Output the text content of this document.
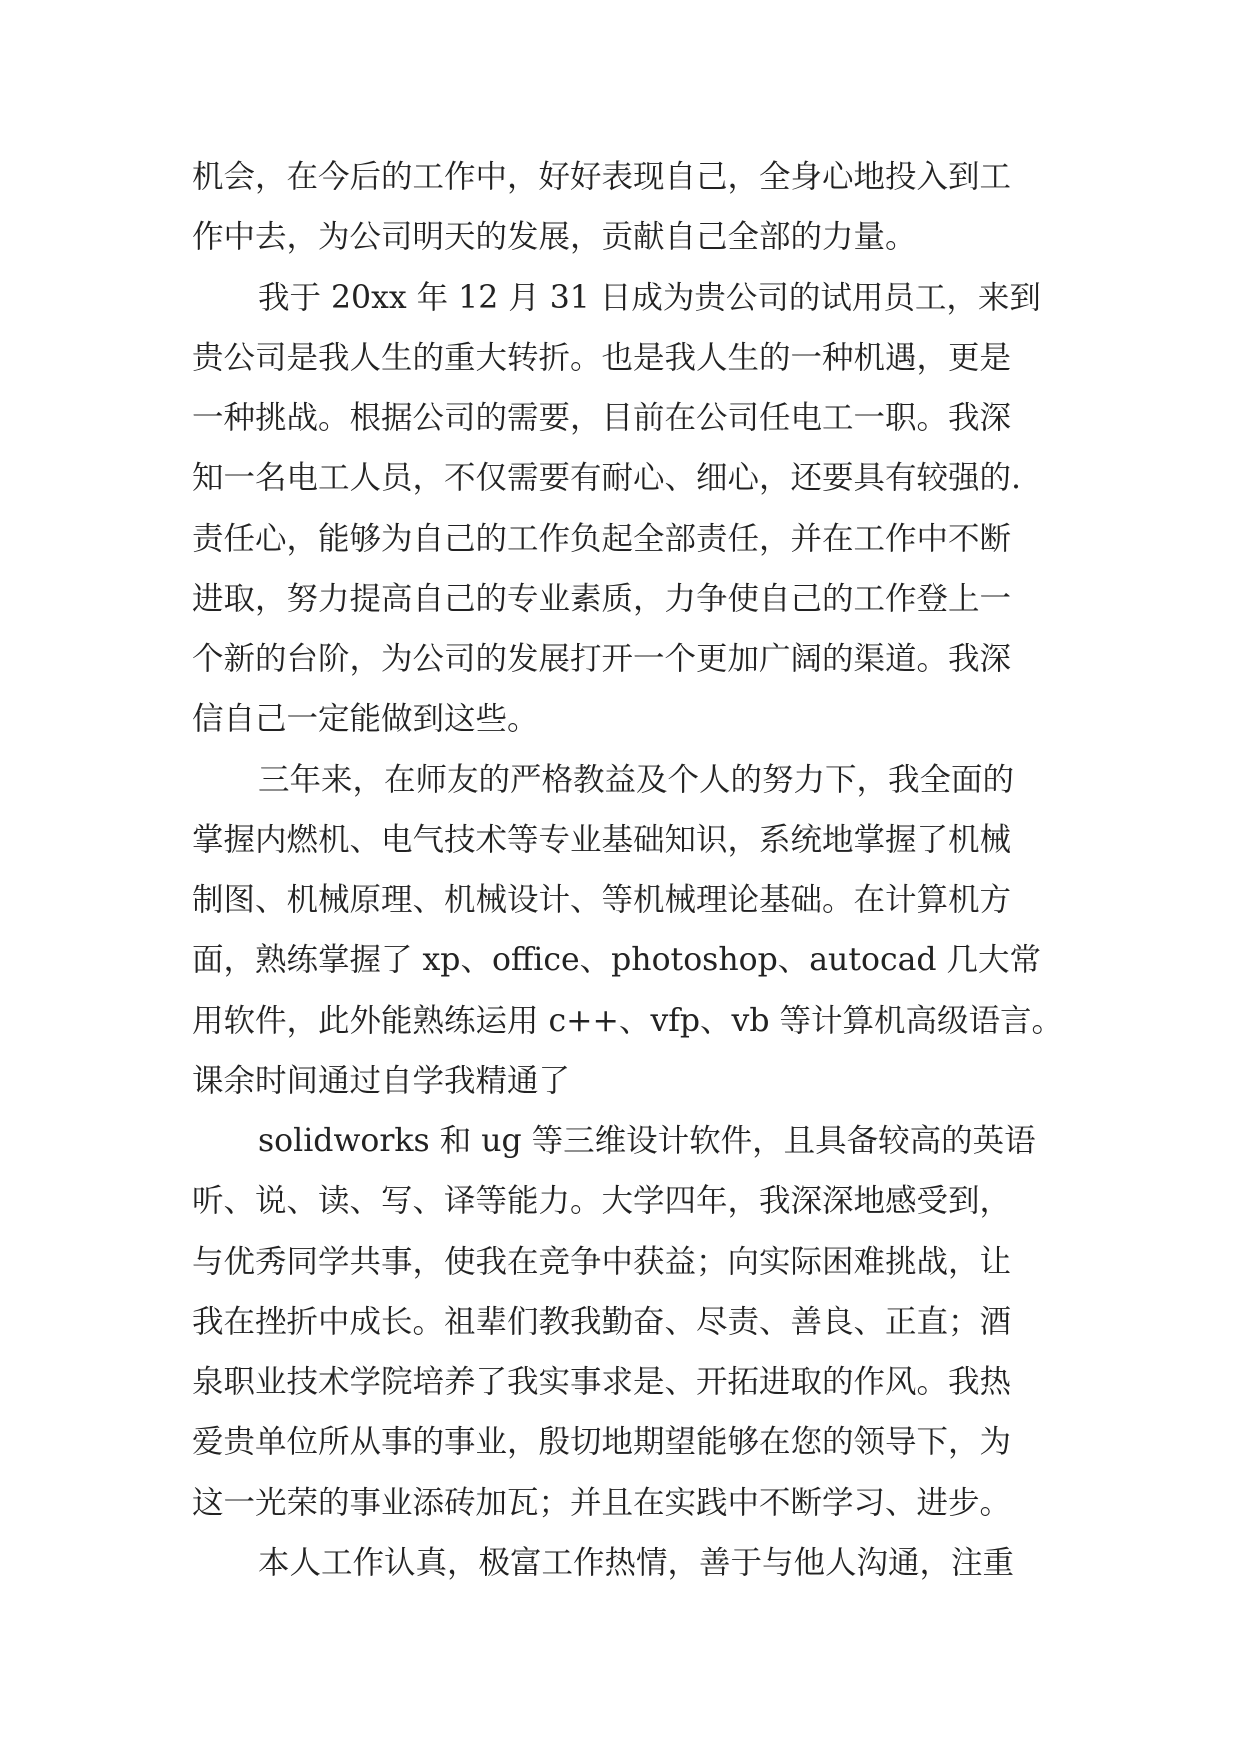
机会，在今后的工作中，好好表现自己，全身心地投入到工
作中去，为公司明天的发展，贡献自己全部的力量。
我于 20xx 年 12 月 31 日成为贵公司的试用员工，来到
贵公司是我人生的重大转折。也是我人生的一种机遇，更是
一种挑战。根据公司的需要，目前在公司任电工一职。我深
知一名电工人员，不仅需要有耐心、细心，还要具有较强的.
责任心，能够为自己的工作负起全部责任，并在工作中不断
进取，努力提高自己的专业素质，力争使自己的工作登上一
个新的台阶，为公司的发展打开一个更加广阔的渠道。我深
信自己一定能做到这些。
三年来，在师友的严格教益及个人的努力下，我全面的
掌握内燃机、电气技术等专业基础知识，系统地掌握了机械
制图、机械原理、机械设计、等机械理论基础。在计算机方
面，熟练掌握了 xp、office、photoshop、autocad 几大常
用软件，此外能熟练运用 c++、vfp、vb 等计算机高级语言。
课余时间通过自学我精通了
solidworks 和 ug 等三维设计软件，且具备较高的英语
听、说、读、写、译等能力。大学四年，我深深地感受到，
与优秀同学共事，使我在竞争中获益；向实际困难挑战，让
我在挫折中成长。祖辈们教我勤奋、尽责、善良、正直；酒
泉职业技术学院培养了我实事求是、开拓进取的作风。我热
爱贵单位所从事的事业，殷切地期望能够在您的领导下，为
这一光荣的事业添砖加瓦；并且在实践中不断学习、进步。
本人工作认真，极富工作热情，善于与他人沟通，注重
